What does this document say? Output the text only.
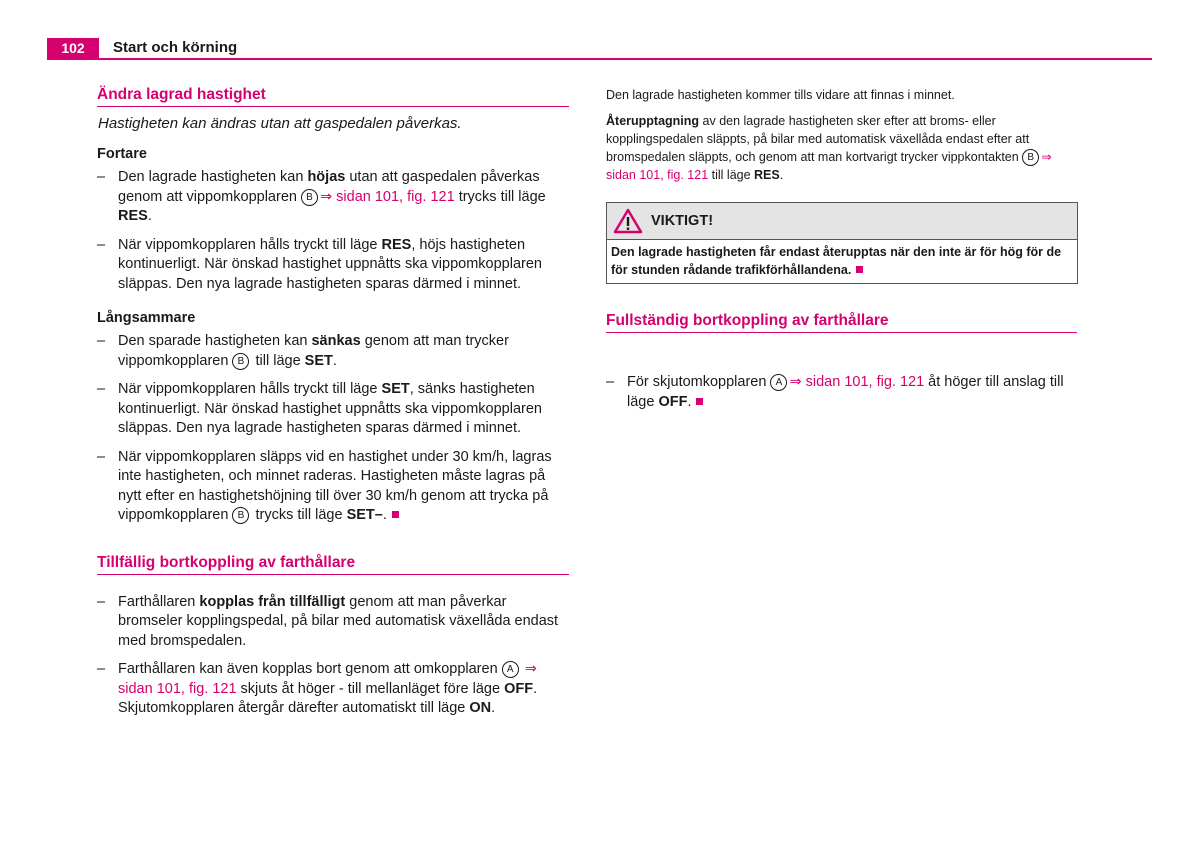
102	Start och körning
Ändra lagrad hastighet
Hastigheten kan ändras utan att gaspedalen påverkas.
Fortare
– Den lagrade hastigheten kan höjas utan att gaspedalen påverkas genom att vippomkopplaren B ⇒ sidan 101, fig. 121 trycks till läge RES.
– När vippomkopplaren hålls tryckt till läge RES, höjs hastigheten kontinuerligt. När önskad hastighet uppnåtts ska vippomkopplaren släppas. Den nya lagrade hastigheten sparas därmed i minnet.
Långsammare
– Den sparade hastigheten kan sänkas genom att man trycker vippomkopplaren B till läge SET.
– När vippomkopplaren hålls tryckt till läge SET, sänks hastigheten kontinuerligt. När önskad hastighet uppnåtts ska vippomkopplaren släppas. Den nya lagrade hastigheten sparas därmed i minnet.
– När vippomkopplaren släpps vid en hastighet under 30 km/h, lagras inte hastigheten, och minnet raderas. Hastigheten måste lagras på nytt efter en hastighetshöjning till över 30 km/h genom att trycka på vippomkopplaren B trycks till läge SET–.
Tillfällig bortkoppling av farthållare
– Farthållaren kopplas från tillfälligt genom att man påverkar bromseler kopplingspedal, på bilar med automatisk växellåda endast med bromspedalen.
– Farthållaren kan även kopplas bort genom att omkopplaren A ⇒ sidan 101, fig. 121 skjuts åt höger - till mellanläget före läge OFF. Skjutomkopplaren återgår därefter automatiskt till läge ON.

Den lagrade hastigheten kommer tills vidare att finnas i minnet.

Återupptagning av den lagrade hastigheten sker efter att broms- eller kopplingspedalen släppts, på bilar med automatisk växellåda endast efter att bromspedalen släppts, och genom att man kortvarigt trycker vippkontakten B ⇒ sidan 101, fig. 121 till läge RES.

VIKTIGT!
Den lagrade hastigheten får endast återupptas när den inte är för hög för de för stunden rådande trafikförhållandena.
Fullständig bortkoppling av farthållare
– För skjutomkopplaren A ⇒ sidan 101, fig. 121 åt höger till anslag till läge OFF.
